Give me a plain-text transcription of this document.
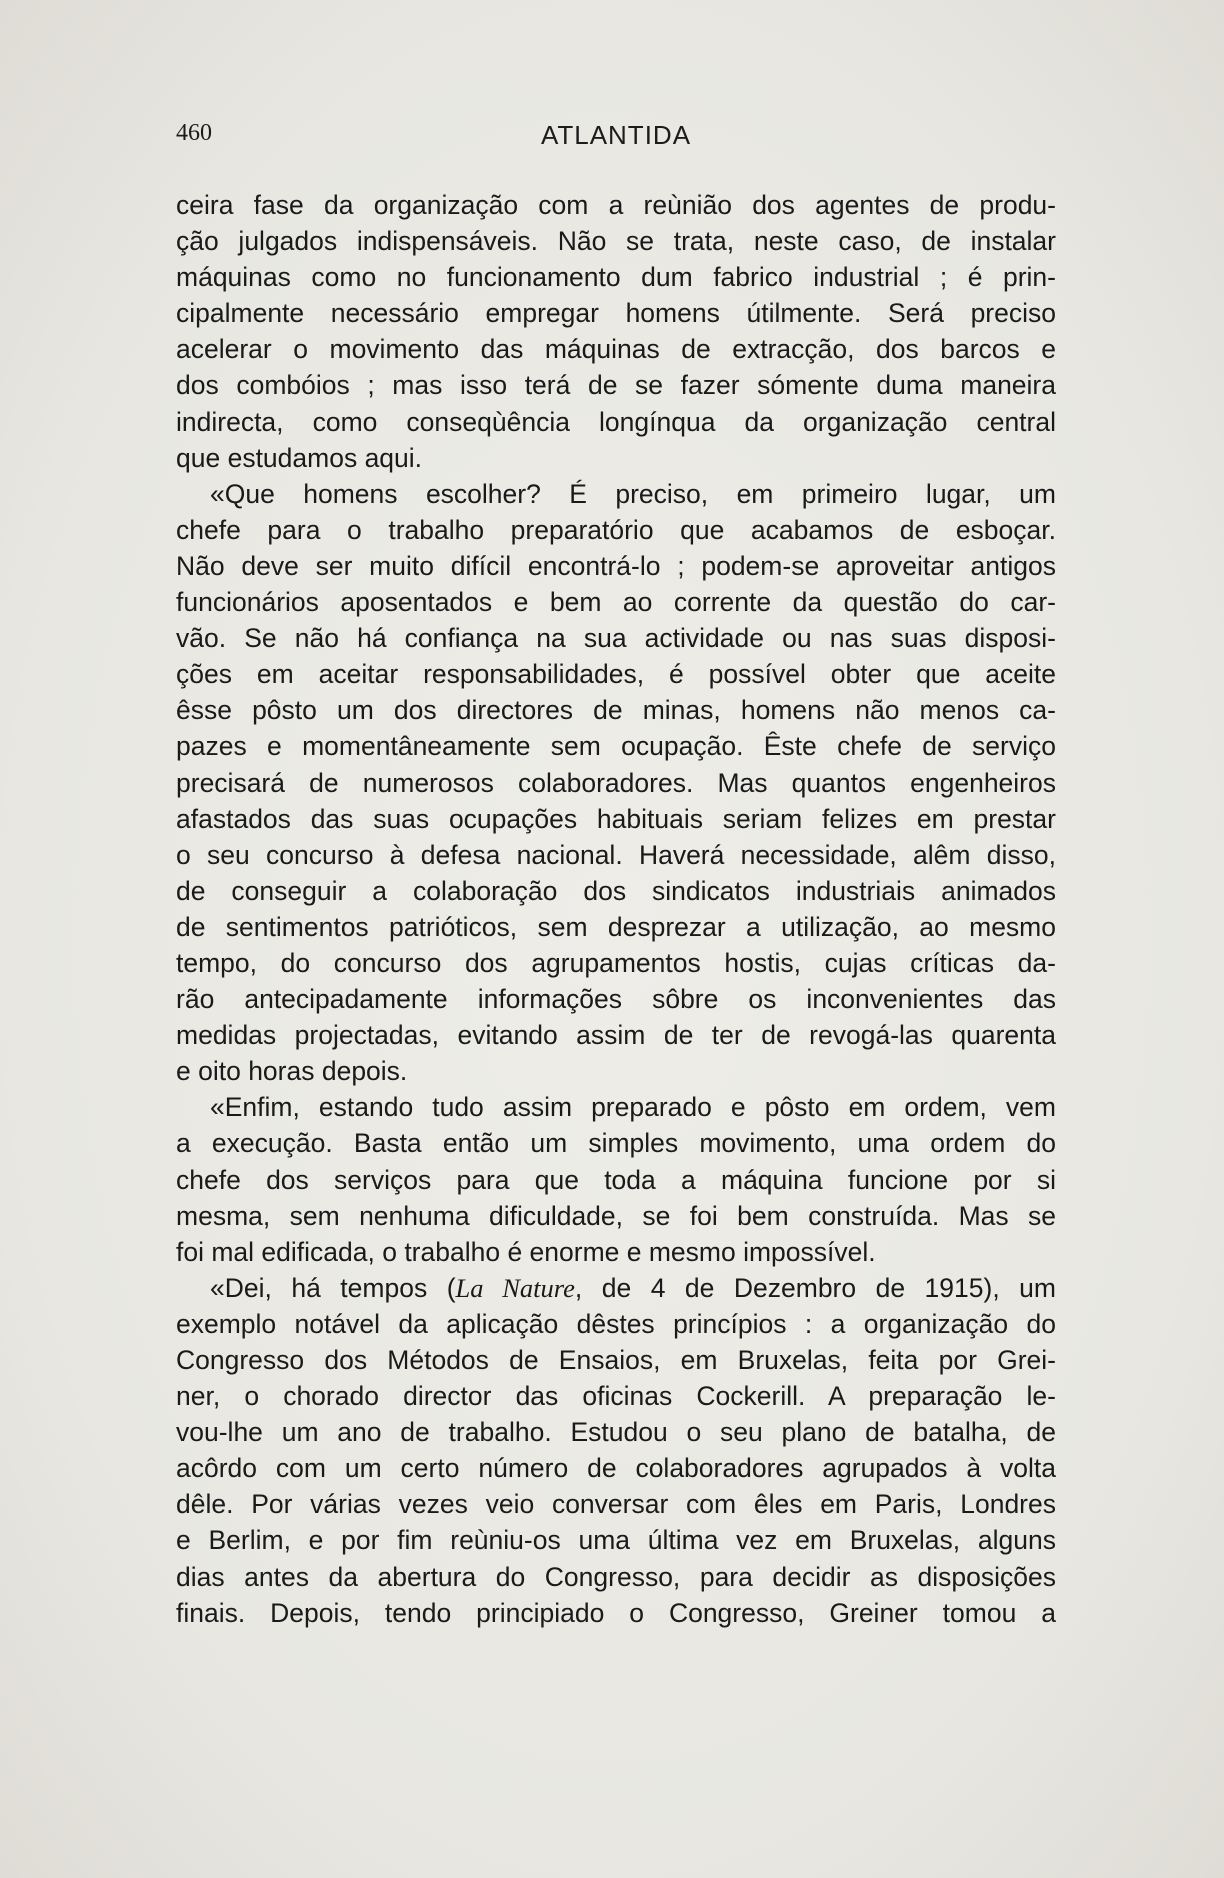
460	ATLANTIDA
ceira fase da organização com a reùnião dos agentes de produ-
ção julgados indispensáveis. Não se trata, neste caso, de instalar
máquinas como no funcionamento dum fabrico industrial ; é prin-
cipalmente necessário empregar homens útilmente. Será preciso
acelerar o movimento das máquinas de extracção, dos barcos e
dos combóios ; mas isso terá de se fazer sómente duma maneira
indirecta, como conseqùência longínqua da organização central
que estudamos aqui.
«Que homens escolher? É preciso, em primeiro lugar, um
chefe para o trabalho preparatório que acabamos de esboçar.
Não deve ser muito difícil encontrá-lo ; podem-se aproveitar antigos
funcionários aposentados e bem ao corrente da questão do car-
vão. Se não há confiança na sua actividade ou nas suas disposi-
ções em aceitar responsabilidades, é possível obter que aceite
êsse pôsto um dos directores de minas, homens não menos ca-
pazes e momentâneamente sem ocupação. Êste chefe de serviço
precisará de numerosos colaboradores. Mas quantos engenheiros
afastados das suas ocupações habituais seriam felizes em prestar
o seu concurso à defesa nacional. Haverá necessidade, alêm disso,
de conseguir a colaboração dos sindicatos industriais animados
de sentimentos patrióticos, sem desprezar a utilização, ao mesmo
tempo, do concurso dos agrupamentos hostis, cujas críticas da-
rão antecipadamente informações sôbre os inconvenientes das
medidas projectadas, evitando assim de ter de revogá-las quarenta
e oito horas depois.
«Enfim, estando tudo assim preparado e pôsto em ordem, vem
a execução. Basta então um simples movimento, uma ordem do
chefe dos serviços para que toda a máquina funcione por si
mesma, sem nenhuma dificuldade, se foi bem construída. Mas se
foi mal edificada, o trabalho é enorme e mesmo impossível.
«Dei, há tempos (La Nature, de 4 de Dezembro de 1915), um
exemplo notável da aplicação dêstes princípios : a organização do
Congresso dos Métodos de Ensaios, em Bruxelas, feita por Grei-
ner, o chorado director das oficinas Cockerill. A preparação le-
vou-lhe um ano de trabalho. Estudou o seu plano de batalha, de
acôrdo com um certo número de colaboradores agrupados à volta
dêle. Por várias vezes veio conversar com êles em Paris, Londres
e Berlim, e por fim reùniu-os uma última vez em Bruxelas, alguns
dias antes da abertura do Congresso, para decidir as disposições
finais. Depois, tendo principiado o Congresso, Greiner tomou a
